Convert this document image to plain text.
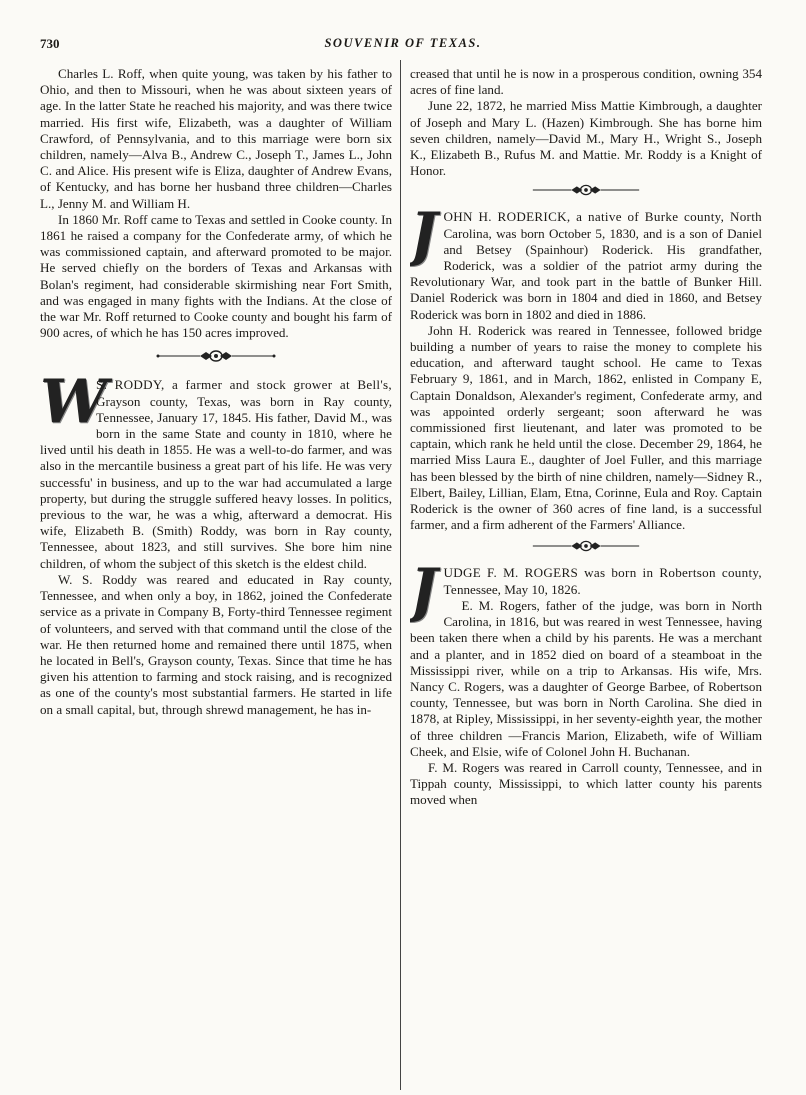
730	SOUVENIR OF TEXAS.

Charles L. Roff, when quite young, was taken by his father to Ohio, and then to Missouri, when he was about sixteen years of age. In the latter State he reached his majority, and was there twice married. His first wife, Elizabeth, was a daughter of William Crawford, of Pennsylvania, and to this marriage were born six children, namely—Alva B., Andrew C., Joseph T., James L., John C. and Alice. His present wife is Eliza, daughter of Andrew Evans, of Kentucky, and has borne her husband three children—Charles L., Jenny M. and William H.

In 1860 Mr. Roff came to Texas and settled in Cooke county. In 1861 he raised a company for the Confederate army, of which he was commissioned captain, and afterward promoted to be major. He served chiefly on the borders of Texas and Arkansas with Bolan's regiment, had considerable skirmishing near Fort Smith, and was engaged in many fights with the Indians. At the close of the war Mr. Roff returned to Cooke county and bought his farm of 900 acres, of which he has 150 acres improved.

W

S. RODDY, a farmer and stock grower at Bell's, Grayson county, Texas, was born in Ray county, Tennessee, January 17, 1845. His father, David M., was born in the same State and county in 1810, where he lived until his death in 1855. He was a well-to-do farmer, and was also in the mercantile business a great part of his life. He was very successfu' in business, and up to the war had accumulated a large property, but during the struggle suffered heavy losses. In politics, previous to the war, he was a whig, afterward a democrat. His wife, Elizabeth B. (Smith) Roddy, was born in Ray county, Tennessee, about 1823, and still survives. She bore him nine children, of whom the subject of this sketch is the eldest child.

W. S. Roddy was reared and educated in Ray county, Tennessee, and when only a boy, in 1862, joined the Confederate service as a private in Company B, Forty-third Tennessee regiment of volunteers, and served with that command until the close of the war. He then returned home and remained there until 1875, when he located in Bell's, Grayson county, Texas. Since that time he has given his attention to farming and stock raising, and is recognized as one of the county's most substantial farmers. He started in life on a small capital, but, through shrewd management, he has in-

creased that until he is now in a prosperous condition, owning 354 acres of fine land.

June 22, 1872, he married Miss Mattie Kimbrough, a daughter of Joseph and Mary L. (Hazen) Kimbrough. She has borne him seven children, namely—David M., Mary H., Wright S., Joseph K., Elizabeth B., Rufus M. and Mattie. Mr. Roddy is a Knight of Honor.

J OHN H. RODERICK, a native of Burke county, North Carolina, was born October 5, 1830, and is a son of Daniel and Betsey (Spainhour) Roderick. His grandfather, Roderick, was a soldier of the patriot army during the Revolutionary War, and took part in the battle of Bunker Hill. Daniel Roderick was born in 1804 and died in 1860, and Betsey Roderick was born in 1802 and died in 1886.

John H. Roderick was reared in Tennessee, followed bridge building a number of years to raise the money to complete his education, and afterward taught school. He came to Texas February 9, 1861, and in March, 1862, enlisted in Company E, Captain Donaldson, Alexander's regiment, Confederate army, and was appointed orderly sergeant; soon afterward he was commissioned first lieutenant, and later was promoted to be captain, which rank he held until the close. December 29, 1864, he married Miss Laura E., daughter of Joel Fuller, and this marriage has been blessed by the birth of nine children, namely—Sidney R., Elbert, Bailey, Lillian, Elam, Etna, Corinne, Eula and Roy. Captain Roderick is the owner of 360 acres of fine land, is a successful farmer, and a firm adherent of the Farmers' Alliance.

J UDGE F. M. ROGERS was born in Robertson county, Tennessee, May 10, 1826.

E. M. Rogers, father of the judge, was born in North Carolina, in 1816, but was reared in west Tennessee, having been taken there when a child by his parents. He was a merchant and a planter, and in 1852 died on board of a steamboat in the Mississippi river, while on a trip to Arkansas. His wife, Mrs. Nancy C. Rogers, was a daughter of George Barbee, of Robertson county, Tennessee, but was born in North Carolina. She died in 1878, at Ripley, Mississippi, in her seventy-eighth year, the mother of three children —Francis Marion, Elizabeth, wife of William Cheek, and Elsie, wife of Colonel John H. Buchanan.

F. M. Rogers was reared in Carroll county, Tennessee, and in Tippah county, Mississippi, to which latter county his parents moved when
